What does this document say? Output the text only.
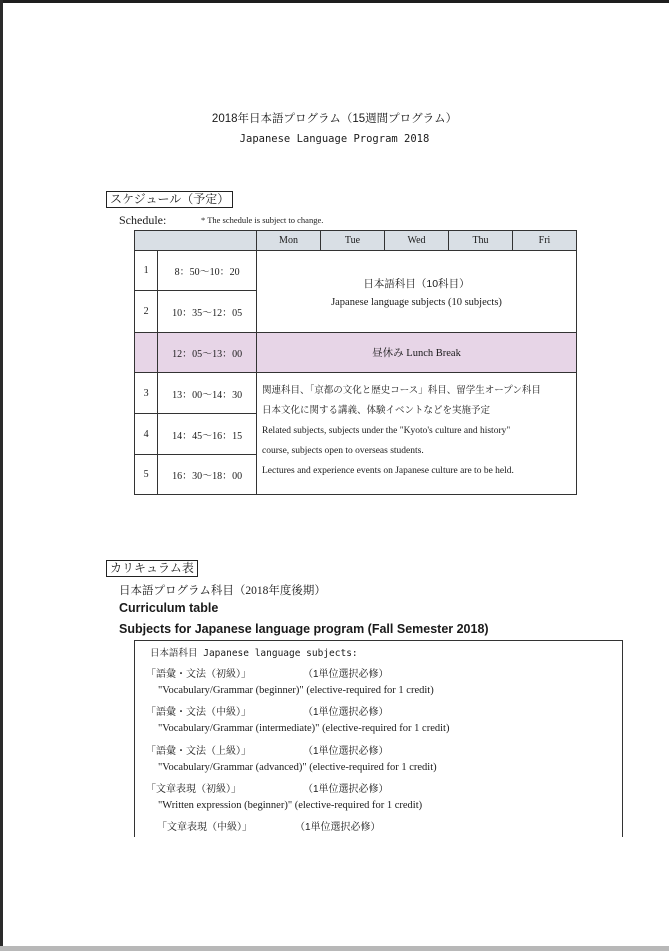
2018年日本語プログラム（15週間プログラム）
Japanese Language Program 2018
スケジュール（予定）
Schedule:	* The schedule is subject to change.
		Mon	Tue	Wed	Thu	Fri
1	8：50～10：20	日本語科目（10科目）
Japanese language subjects (10 subjects)				

2	10：35～12：05					
	12：05～13：00	昼休み Lunch Break				
3	13：00～14：30	関連科目、「京都の文化と歴史コース」科目、留学生オープン科目
日本文化に関する講義、体験イベントなどを実施予定
Related subjects, subjects under the "Kyoto's culture and history"
course, subjects open to overseas students.
Lectures and experience events on Japanese culture are to be held.				

4	14：45～16：15					
5	16：30～18：00					
カリキュラム表
日本語プログラム科目（2018年度後期）
Curriculum table
Subjects for Japanese language program (Fall Semester 2018)
日本語科目 Japanese language subjects:
「語彙・文法（初級）」	（1単位選択必修）
"Vocabulary/Grammar (beginner)" (elective-required for 1 credit)
「語彙・文法（中級）」	（1単位選択必修）
"Vocabulary/Grammar (intermediate)" (elective-required for 1 credit)
「語彙・文法（上級）」	（1単位選択必修）
"Vocabulary/Grammar (advanced)" (elective-required for 1 credit)
「文章表現（初級）」	（1単位選択必修）
"Written expression (beginner)" (elective-required for 1 credit)
「文章表現（中級）」	（1単位選択必修）
